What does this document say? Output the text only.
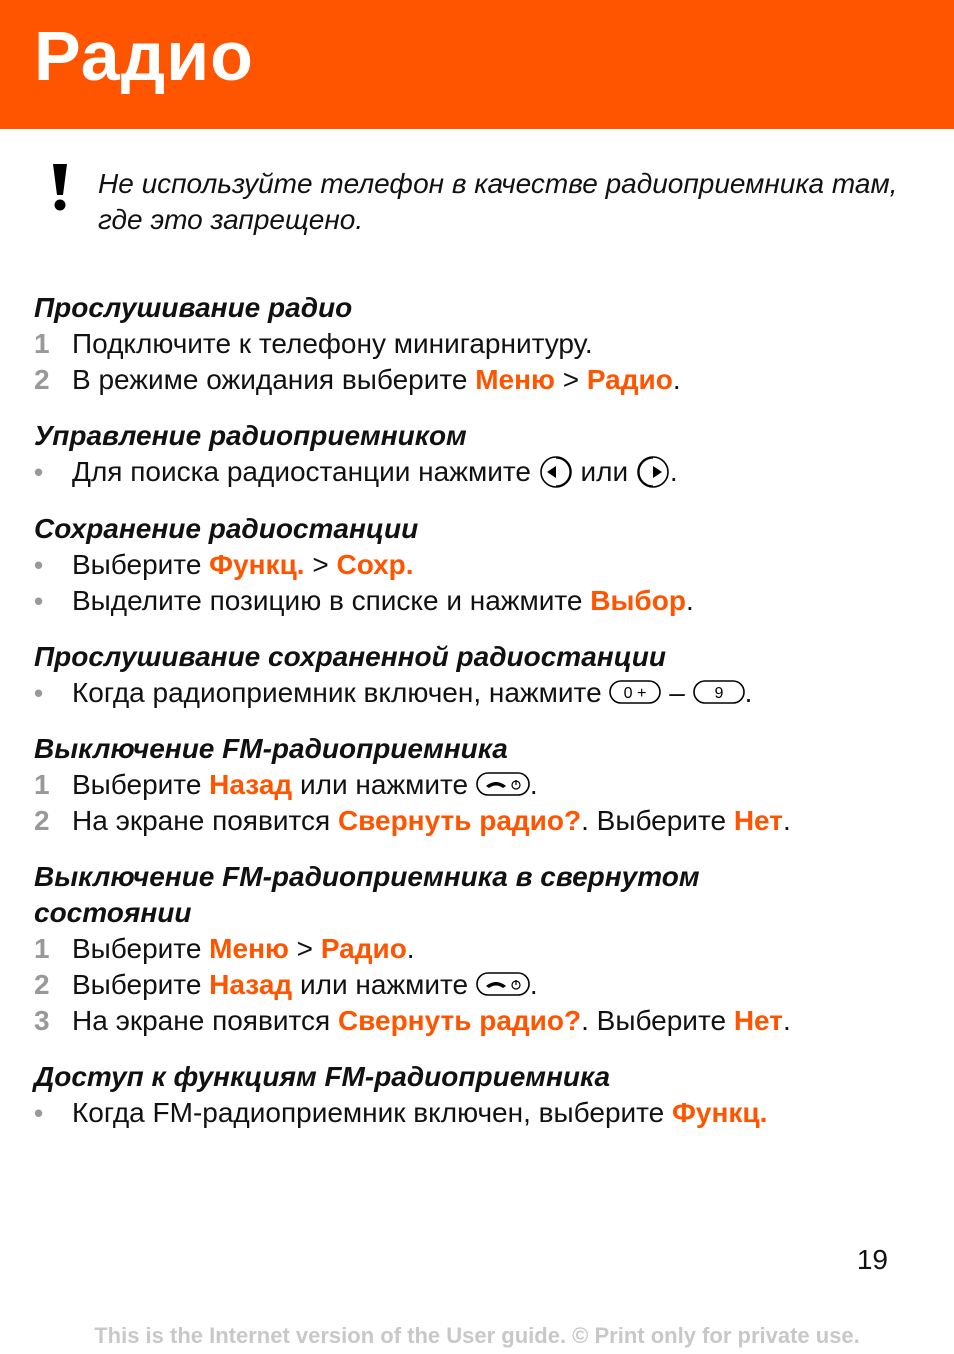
Радио
Не используйте телефон в качестве радиоприемника там, где это запрещено.
Прослушивание радио
1 Подключите к телефону минигарнитуру.
2 В режиме ожидания выберите Меню > Радио.
Управление радиоприемником
•	Для поиска радиостанции нажмите  или .
Сохранение радиостанции
•	Выберите Функц. > Сохр.
•	Выделите позицию в списке и нажмите Выбор.
Прослушивание сохраненной радиостанции
•	Когда радиоприемник включен, нажмите 0 + – 9 .
Выключение FM-радиоприемника
1 Выберите Назад или нажмите .
2 На экране появится Свернуть радио?. Выберите Нет.
Выключение FM-радиоприемника в свернутом
состоянии
1 Выберите Меню > Радио.
2 Выберите Назад или нажмите .
3 На экране появится Свернуть радио?. Выберите Нет.
Доступ к функциям FM-радиоприемника
•	Когда FM-радиоприемник включен, выберите Функц.
19
This is the Internet version of the User guide. © Print only for private use.
